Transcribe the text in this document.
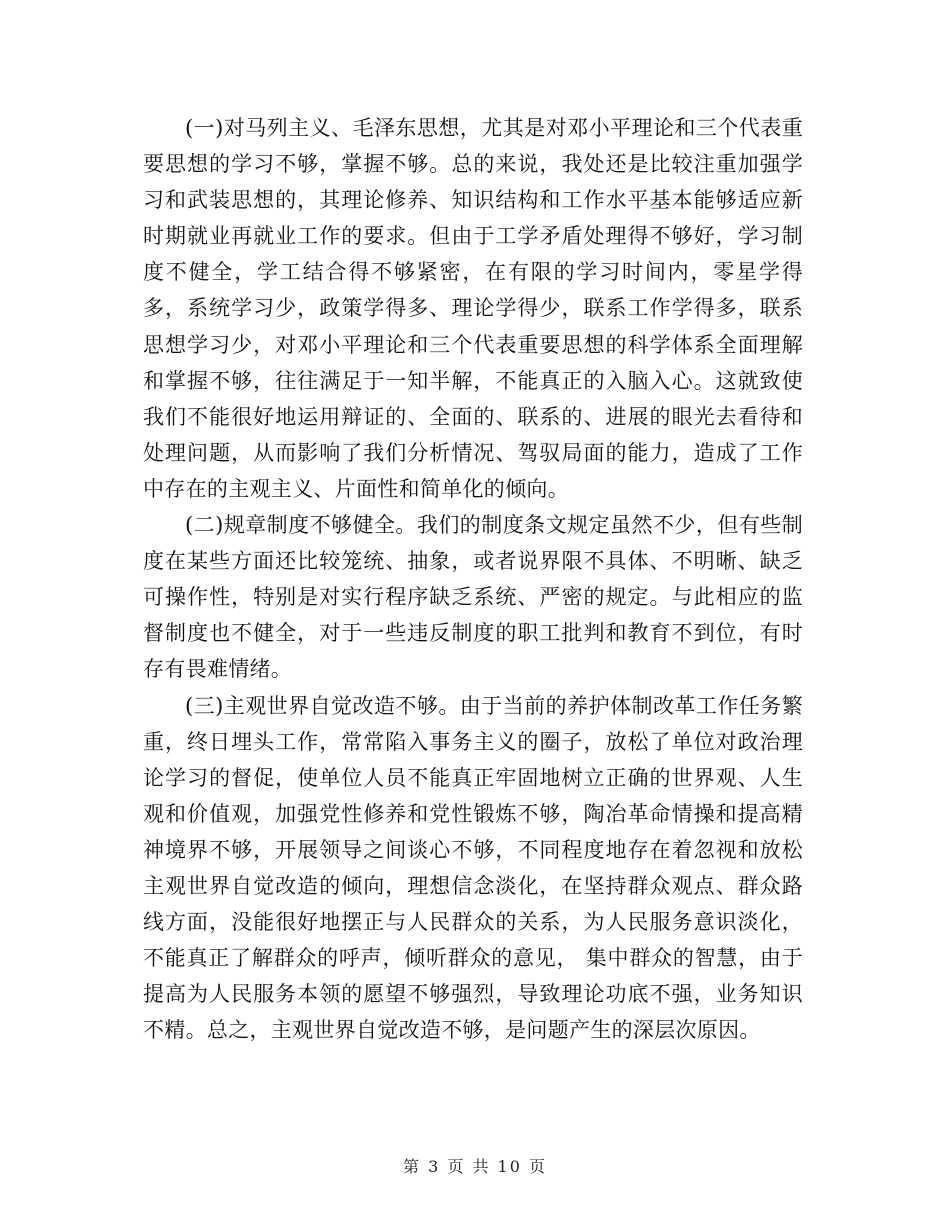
(一)对马列主义、毛泽东思想，尤其是对邓小平理论和三个代表重要思想的学习不够，掌握不够。总的来说，我处还是比较注重加强学习和武装思想的，其理论修养、知识结构和工作水平基本能够适应新时期就业再就业工作的要求。但由于工学矛盾处理得不够好，学习制度不健全，学工结合得不够紧密，在有限的学习时间内，零星学得多，系统学习少，政策学得多、理论学得少，联系工作学得多，联系思想学习少，对邓小平理论和三个代表重要思想的科学体系全面理解和掌握不够，往往满足于一知半解，不能真正的入脑入心。这就致使我们不能很好地运用辩证的、全面的、联系的、进展的眼光去看待和处理问题，从而影响了我们分析情况、驾驭局面的能力，造成了工作中存在的主观主义、片面性和简单化的倾向。

(二)规章制度不够健全。我们的制度条文规定虽然不少，但有些制度在某些方面还比较笼统、抽象，或者说界限不具体、不明晰、缺乏可操作性，特别是对实行程序缺乏系统、严密的规定。与此相应的监督制度也不健全，对于一些违反制度的职工批判和教育不到位，有时存有畏难情绪。

(三)主观世界自觉改造不够。由于当前的养护体制改革工作任务繁重，终日埋头工作，常常陷入事务主义的圈子，放松了单位对政治理论学习的督促，使单位人员不能真正牢固地树立正确的世界观、人生观和价值观，加强党性修养和党性锻炼不够，陶冶革命情操和提高精神境界不够，开展领导之间谈心不够，不同程度地存在着忽视和放松主观世界自觉改造的倾向，理想信念淡化，在坚持群众观点、群众路线方面，没能很好地摆正与人民群众的关系，为人民服务意识淡化，不能真正了解群众的呼声，倾听群众的意见， 集中群众的智慧，由于提高为人民服务本领的愿望不够强烈，导致理论功底不强，业务知识不精。总之，主观世界自觉改造不够，是问题产生的深层次原因。

第 3 页 共 10 页
